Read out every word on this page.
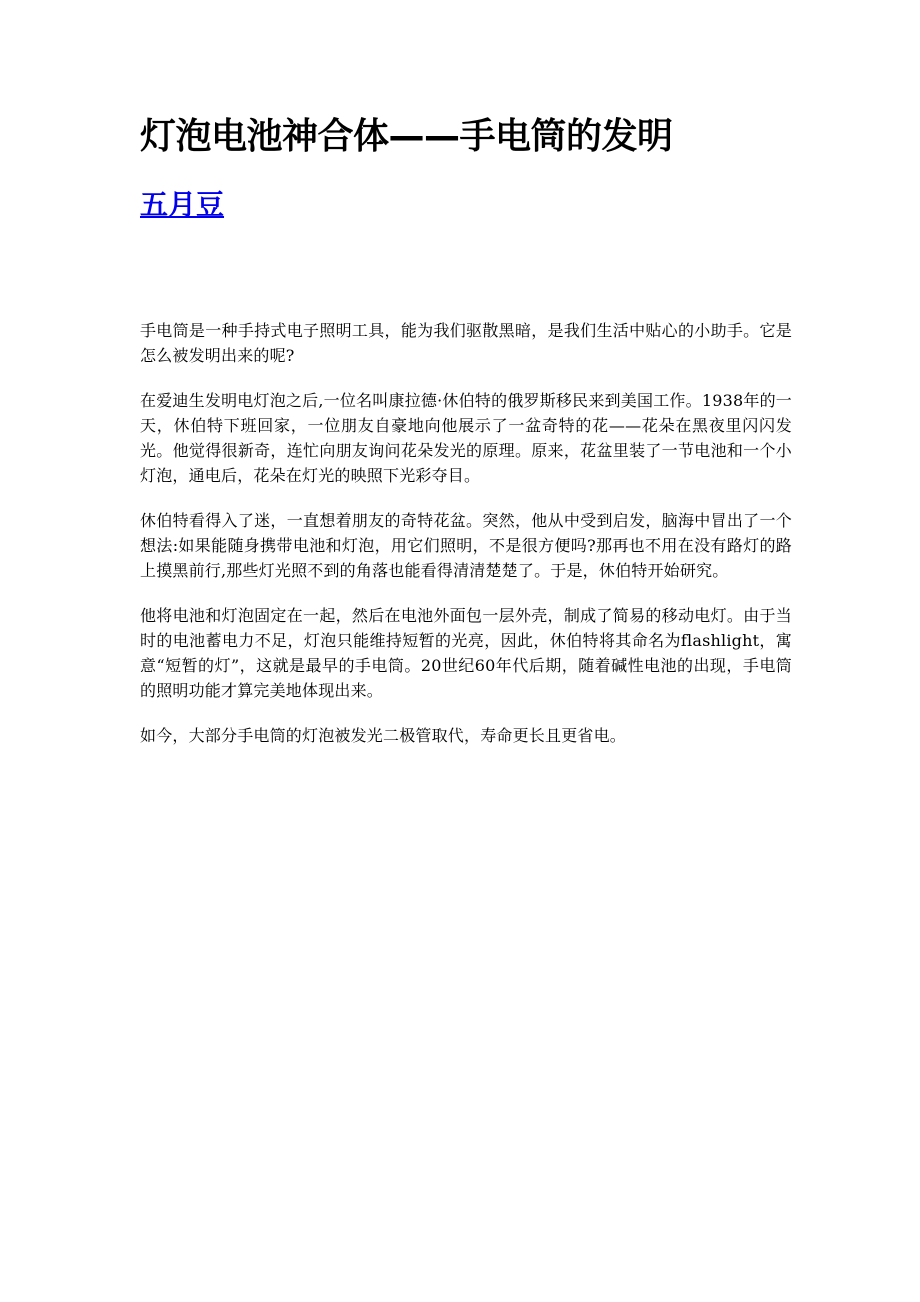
灯泡电池神合体——手电筒的发明
五月豆

手电筒是一种手持式电子照明工具，能为我们驱散黑暗，是我们生活中贴心的小助手。它是怎么被发明出来的呢?

在爱迪生发明电灯泡之后,一位名叫康拉德·休伯特的俄罗斯移民来到美国工作。1938年的一天，休伯特下班回家，一位朋友自豪地向他展示了一盆奇特的花——花朵在黑夜里闪闪发光。他觉得很新奇，连忙向朋友询问花朵发光的原理。原来，花盆里装了一节电池和一个小灯泡，通电后，花朵在灯光的映照下光彩夺目。

休伯特看得入了迷，一直想着朋友的奇特花盆。突然，他从中受到启发，脑海中冒出了一个想法:如果能随身携带电池和灯泡，用它们照明，不是很方便吗?那再也不用在没有路灯的路上摸黑前行,那些灯光照不到的角落也能看得清清楚楚了。于是，休伯特开始研究。

他将电池和灯泡固定在一起，然后在电池外面包一层外壳，制成了简易的移动电灯。由于当时的电池蓄电力不足，灯泡只能维持短暂的光亮，因此，休伯特将其命名为flashlight，寓意“短暂的灯”，这就是最早的手电筒。20世纪60年代后期，随着碱性电池的出现，手电筒的照明功能才算完美地体现出来。

如今，大部分手电筒的灯泡被发光二极管取代，寿命更长且更省电。
